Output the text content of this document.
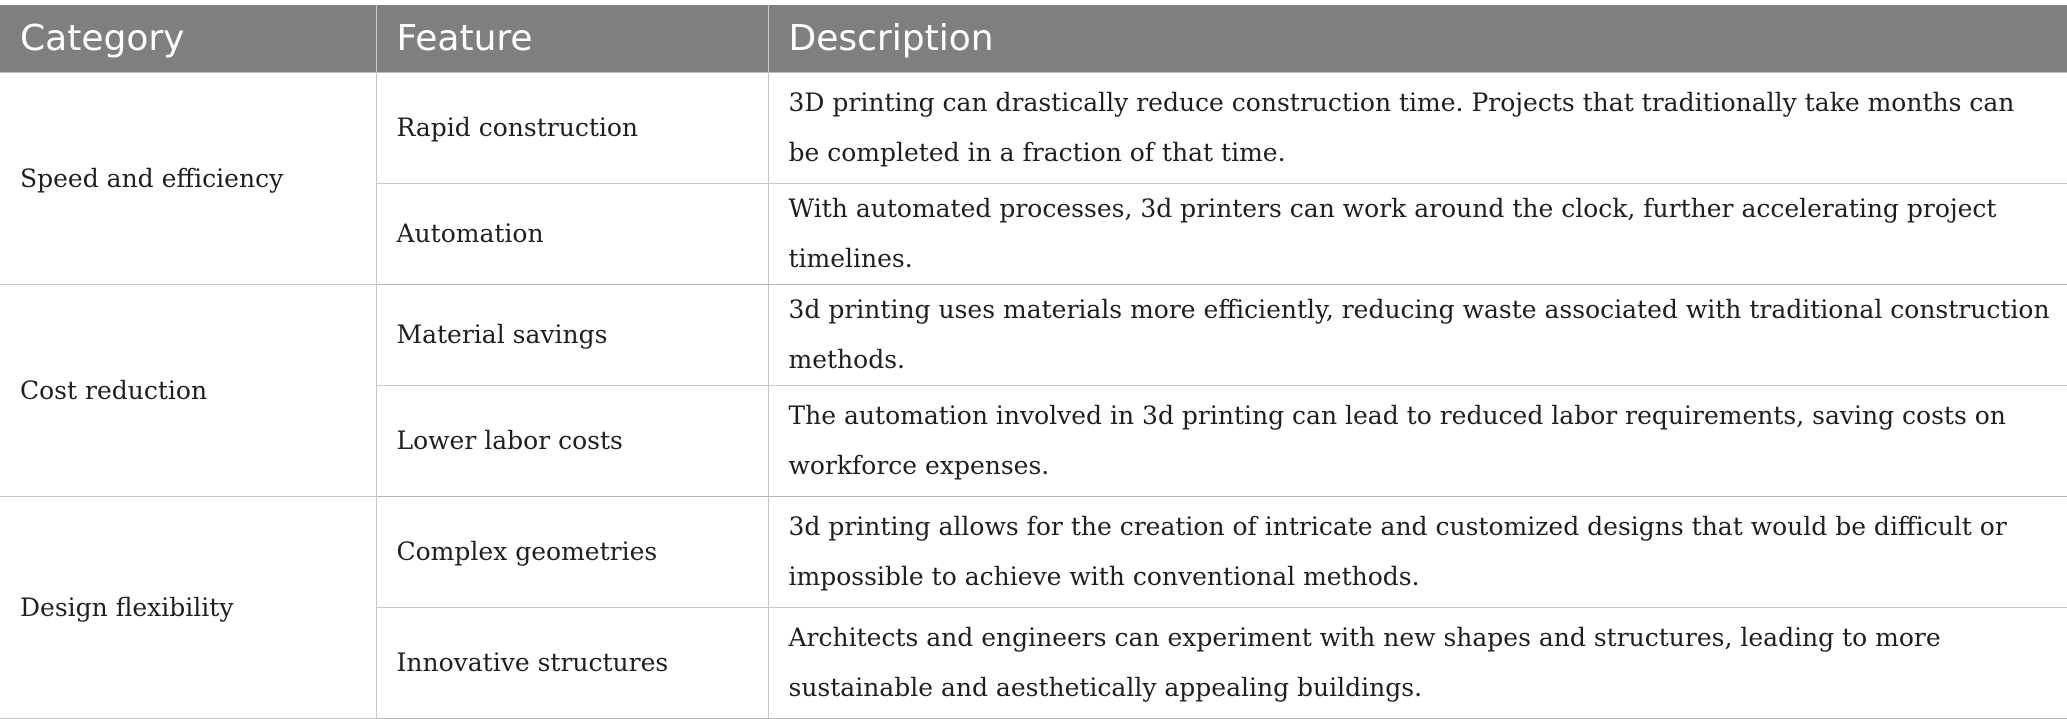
Category	Feature	Description
Speed and efficiency	Rapid construction	3D printing can drastically reduce construction time. Projects that traditionally take months can be completed in a fraction of that time.
	Automation	With automated processes, 3d printers can work around the clock, further accelerating project timelines.
Cost reduction	Material savings	3d printing uses materials more efficiently, reducing waste associated with traditional construction methods.
	Lower labor costs	The automation involved in 3d printing can lead to reduced labor requirements, saving costs on workforce expenses.
Design flexibility	Complex geometries	3d printing allows for the creation of intricate and customized designs that would be difficult or impossible to achieve with conventional methods.
	Innovative structures	Architects and engineers can experiment with new shapes and structures, leading to more sustainable and aesthetically appealing buildings.
